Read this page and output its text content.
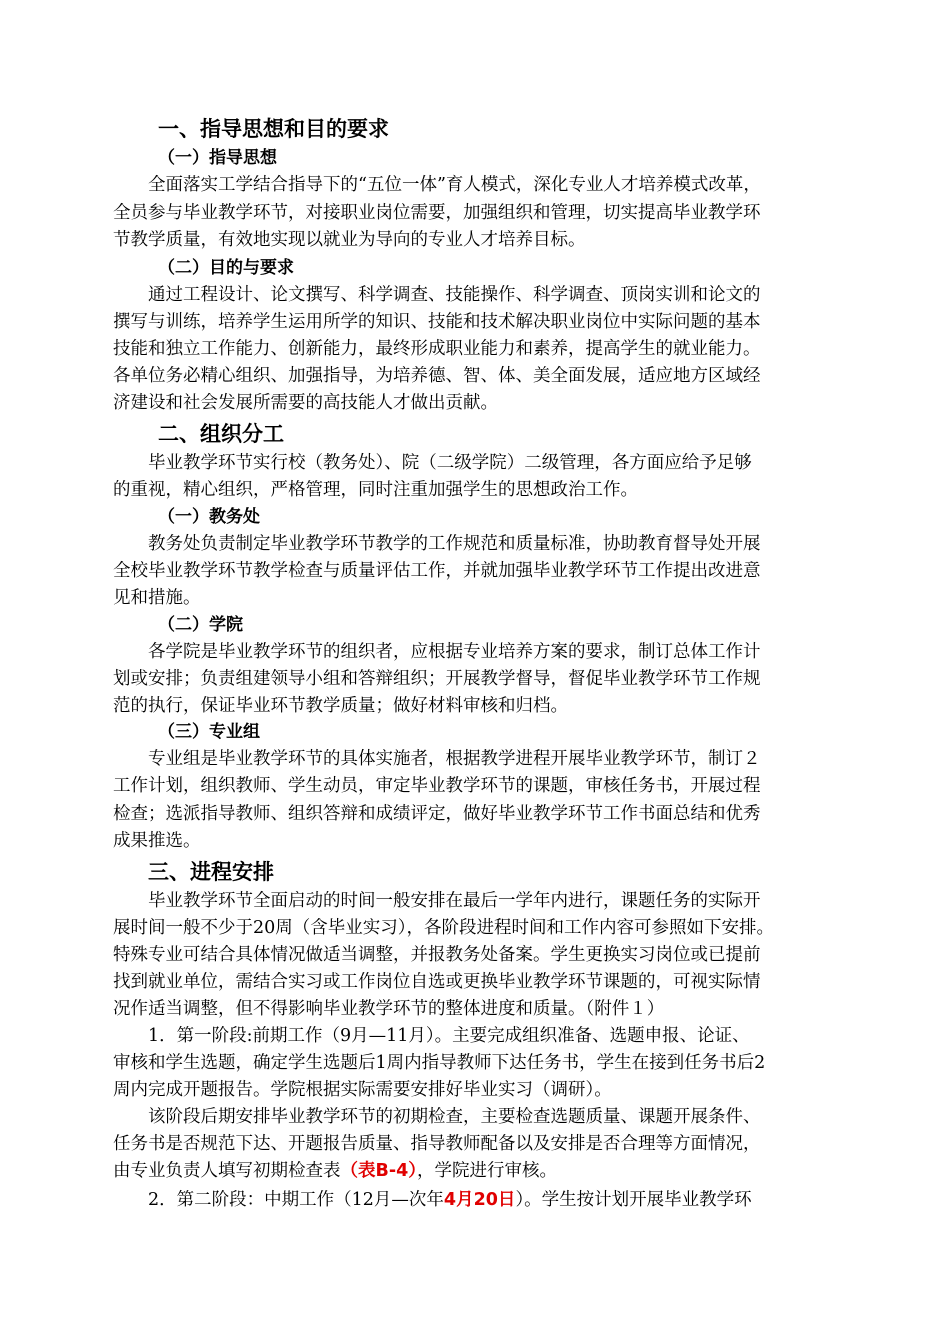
一、指导思想和目的要求
（一）指导思想
全面落实工学结合指导下的“五位一体”育人模式，深化专业人才培养模式改革，
全员参与毕业教学环节，对接职业岗位需要，加强组织和管理，切实提高毕业教学环
节教学质量，有效地实现以就业为导向的专业人才培养目标。
（二）目的与要求
通过工程设计、论文撰写、科学调查、技能操作、科学调查、顶岗实训和论文的
撰写与训练，培养学生运用所学的知识、技能和技术解决职业岗位中实际问题的基本
技能和独立工作能力、创新能力，最终形成职业能力和素养，提高学生的就业能力。
各单位务必精心组织、加强指导，为培养德、智、体、美全面发展，适应地方区域经
济建设和社会发展所需要的高技能人才做出贡献。
二、组织分工
毕业教学环节实行校（教务处）、院（二级学院）二级管理，各方面应给予足够
的重视，精心组织，严格管理，同时注重加强学生的思想政治工作。
（一）教务处
教务处负责制定毕业教学环节教学的工作规范和质量标准，协助教育督导处开展
全校毕业教学环节教学检查与质量评估工作，并就加强毕业教学环节工作提出改进意
见和措施。
（二）学院
各学院是毕业教学环节的组织者，应根据专业培养方案的要求，制订总体工作计
划或安排；负责组建领导小组和答辩组织；开展教学督导，督促毕业教学环节工作规
范的执行，保证毕业环节教学质量；做好材料审核和归档。
（三）专业组
专业组是毕业教学环节的具体实施者，根据教学进程开展毕业教学环节，制订２
工作计划，组织教师、学生动员，审定毕业教学环节的课题，审核任务书，开展过程
检查；选派指导教师、组织答辩和成绩评定，做好毕业教学环节工作书面总结和优秀
成果推选。
三、进程安排
毕业教学环节全面启动的时间一般安排在最后一学年内进行，课题任务的实际开
展时间一般不少于20周（含毕业实习），各阶段进程时间和工作内容可参照如下安排。
特殊专业可结合具体情况做适当调整，并报教务处备案。学生更换实习岗位或已提前
找到就业单位，需结合实习或工作岗位自选或更换毕业教学环节课题的，可视实际情
况作适当调整，但不得影响毕业教学环节的整体进度和质量。（附件１）
1．第一阶段:前期工作（9月—11月）。主要完成组织准备、选题申报、论证、
审核和学生选题，确定学生选题后1周内指导教师下达任务书，学生在接到任务书后2
周内完成开题报告。学院根据实际需要安排好毕业实习（调研）。
该阶段后期安排毕业教学环节的初期检查，主要检查选题质量、课题开展条件、
任务书是否规范下达、开题报告质量、指导教师配备以及安排是否合理等方面情况，
由专业负责人填写初期检查表（表B-4），学院进行审核。
2．第二阶段：中期工作（12月—次年4月20日）。学生按计划开展毕业教学环
